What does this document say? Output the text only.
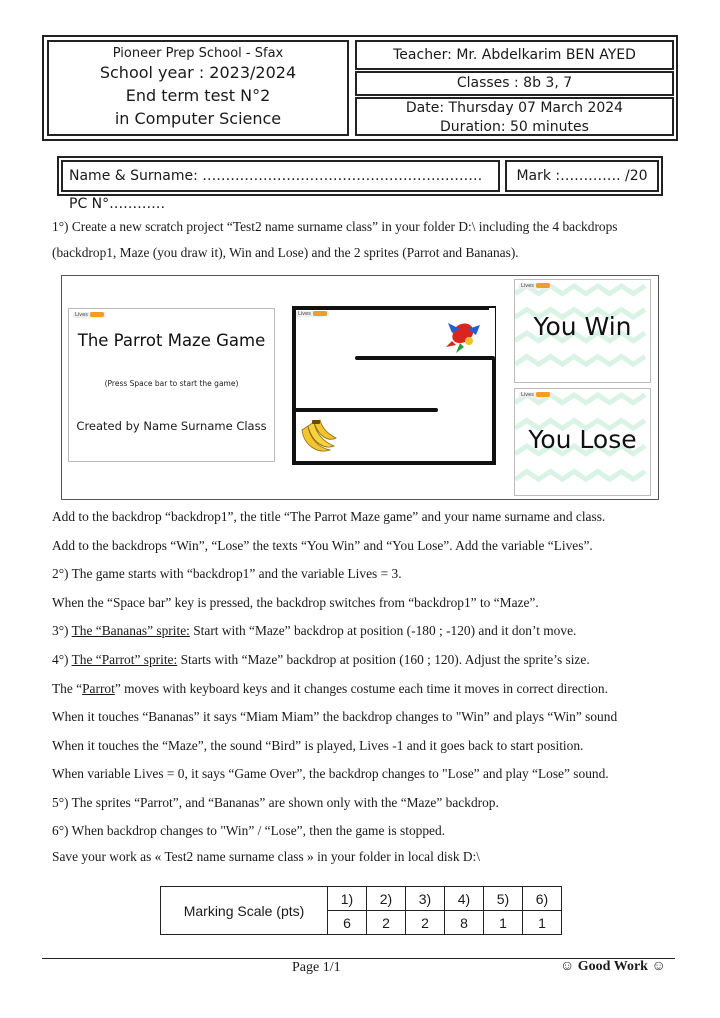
Pioneer Prep School - Sfax
School year : 2023/2024
End term test N°2
in Computer Science
Teacher: Mr. Abdelkarim BEN AYED
Classes : 8b 3, 7
Date: Thursday 07 March 2024
Duration: 50 minutes
Name & Surname: ……………………………………………………PC N°…………
Mark :…………. /20
1°) Create a new scratch project “Test2 name surname class” in your folder D:\ including the 4 backdrops
(backdrop1, Maze (you draw it), Win and Lose) and the 2 sprites (Parrot and Bananas).
Lives
The Parrot Maze Game
(Press Space bar to start the game)
Created by Name Surname Class
Lives
Lives
You Win
Lives
You Lose
Add to the backdrop “backdrop1”, the title “The Parrot Maze game” and your name surname and class.
Add to the backdrops “Win”, “Lose” the texts “You Win” and “You Lose”. Add the variable “Lives”.
2°) The game starts with “backdrop1” and the variable Lives = 3.
When the “Space bar” key is pressed, the backdrop switches from “backdrop1” to “Maze”.
3°) The “Bananas” sprite: Start with “Maze” backdrop at position (-180 ; -120) and it don’t move.
4°) The “Parrot” sprite: Starts with “Maze” backdrop at position (160 ; 120). Adjust the sprite’s size.
The “Parrot” moves with keyboard keys and it changes costume each time it moves in correct direction.
When it touches “Bananas” it says “Miam Miam” the backdrop changes to "Win” and plays “Win” sound
When it touches the “Maze”, the sound “Bird” is played, Lives -1 and it goes back to start position.
When variable Lives = 0, it says “Game Over”, the backdrop changes to "Lose” and play “Lose” sound.
5°) The sprites “Parrot”, and “Bananas” are shown only with the “Maze” backdrop.
6°) When backdrop changes to "Win” / “Lose”, then the game is stopped.
Save your work as « Test2 name surname class » in your folder in local disk D:\
Marking Scale (pts)	1)	2)	3)	4)	5)	6)
	6	2	2	8	1	1
Page 1/1	☺ Good Work ☺
